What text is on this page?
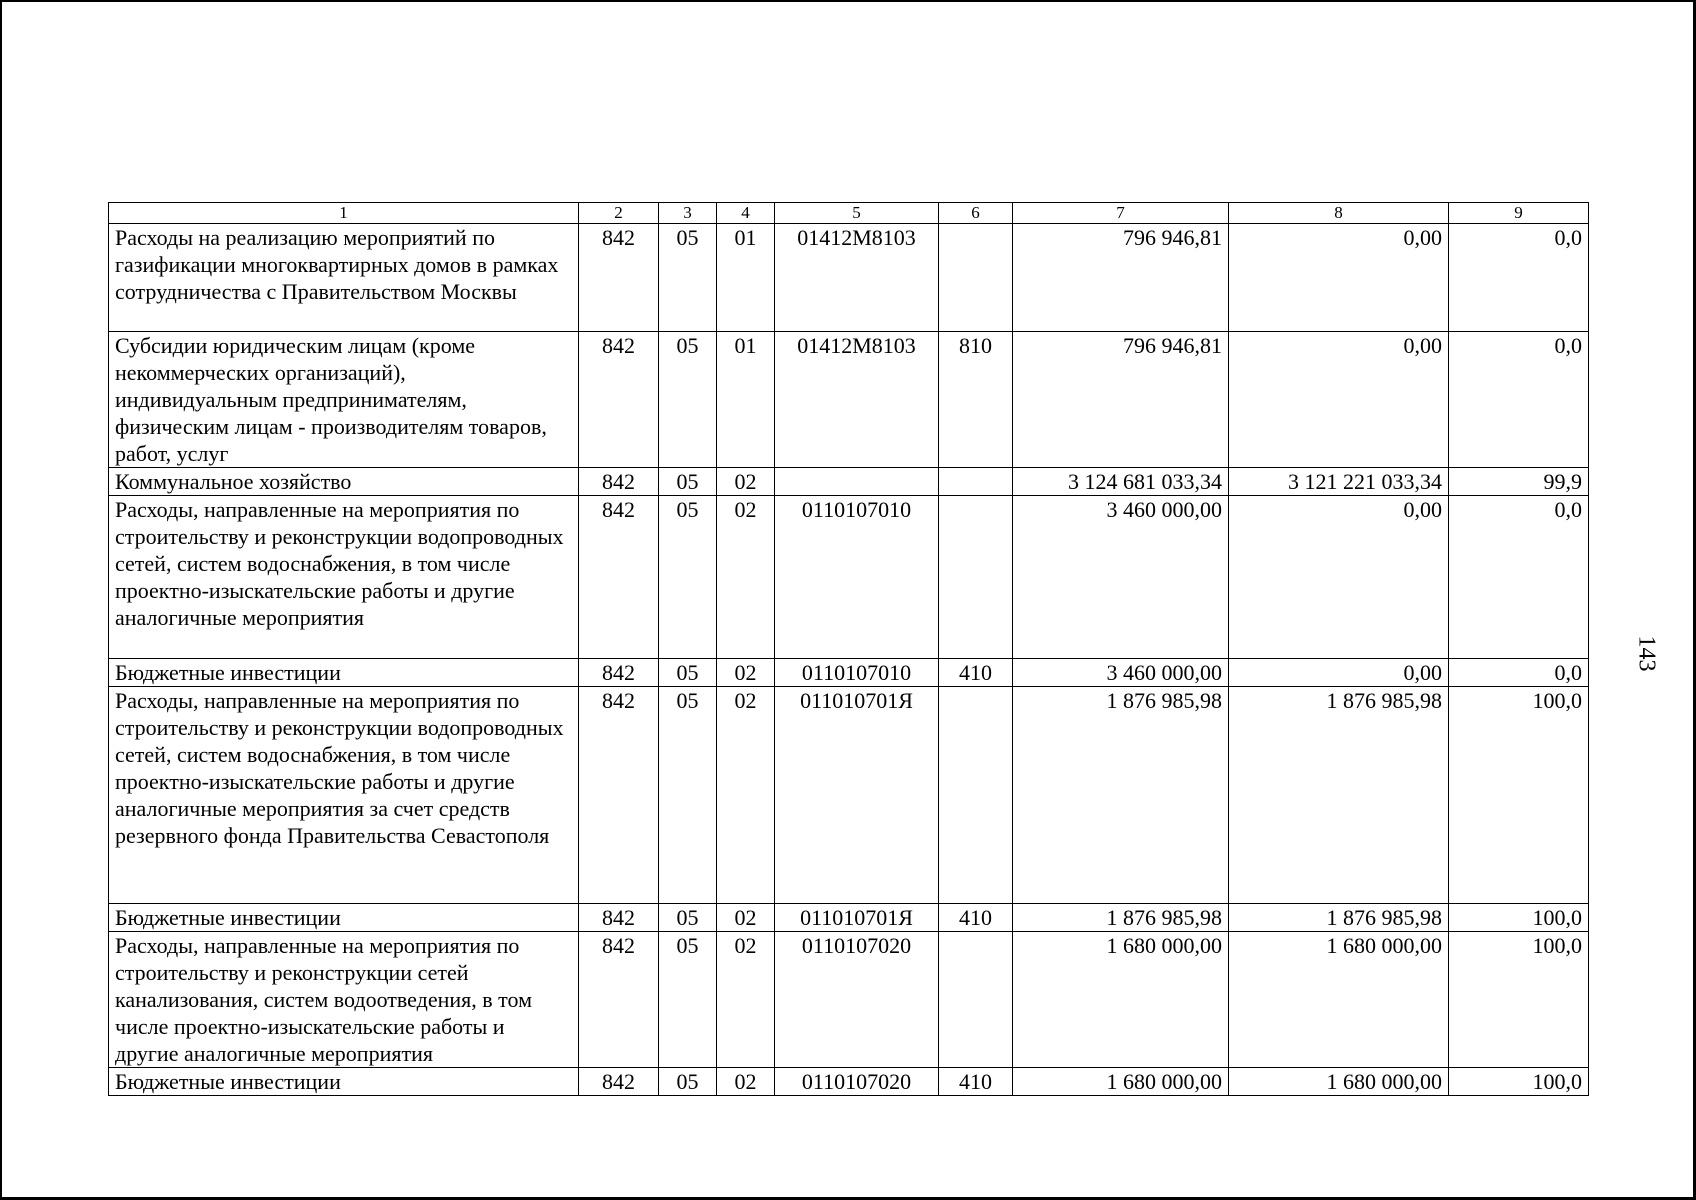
1	2	3	4	5	6	7	8	9
Расходы на реализацию мероприятий по газификации многоквартирных домов в рамках сотрудничества с Правительством Москвы	842	05	01	01412M8103		796 946,81	0,00	0,0
Субсидии юридическим лицам (кроме некоммерческих организаций), индивидуальным предпринимателям, физическим лицам - производителям товаров, работ, услуг	842	05	01	01412M8103	810	796 946,81	0,00	0,0
Коммунальное хозяйство	842	05	02			3 124 681 033,34	3 121 221 033,34	99,9
Расходы, направленные на мероприятия по строительству и реконструкции водопроводных сетей, систем водоснабжения, в том числе проектно-изыскательские работы и другие аналогичные мероприятия	842	05	02	0110107010		3 460 000,00	0,00	0,0
Бюджетные инвестиции	842	05	02	0110107010	410	3 460 000,00	0,00	0,0
Расходы, направленные на мероприятия по строительству и реконструкции водопроводных сетей, систем водоснабжения, в том числе проектно-изыскательские работы и другие аналогичные мероприятия за счет средств резервного фонда Правительства Севастополя	842	05	02	011010701Я		1 876 985,98	1 876 985,98	100,0
Бюджетные инвестиции	842	05	02	011010701Я	410	1 876 985,98	1 876 985,98	100,0
Расходы, направленные на мероприятия по строительству и реконструкции сетей канализования, систем водоотведения, в том числе проектно-изыскательские работы и другие аналогичные мероприятия	842	05	02	0110107020		1 680 000,00	1 680 000,00	100,0
Бюджетные инвестиции	842	05	02	0110107020	410	1 680 000,00	1 680 000,00	100,0
143
